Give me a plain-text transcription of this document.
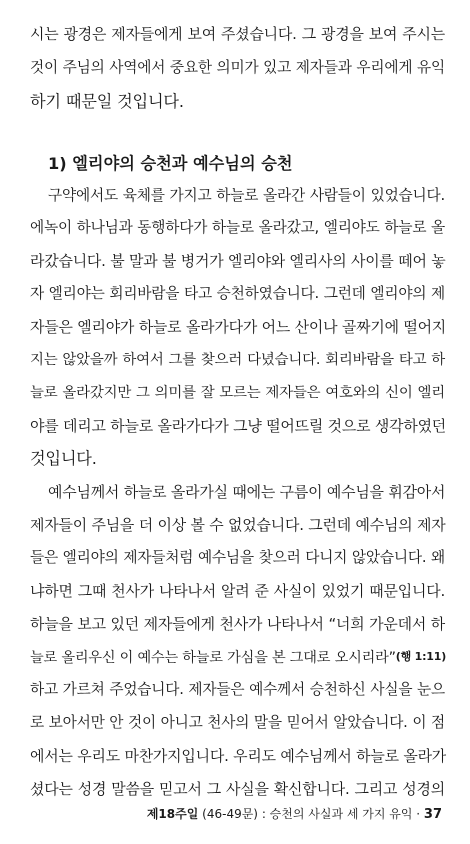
시는 광경은 제자들에게 보여 주셨습니다. 그 광경을 보여 주시는
것이 주님의 사역에서 중요한 의미가 있고 제자들과 우리에게 유익
하기 때문일 것입니다.
1) 엘리야의 승천과 예수님의 승천
구약에서도 육체를 가지고 하늘로 올라간 사람들이 있었습니다.
에녹이 하나님과 동행하다가 하늘로 올라갔고, 엘리야도 하늘로 올
라갔습니다. 불 말과 불 병거가 엘리야와 엘리사의 사이를 떼어 놓
자 엘리야는 회리바람을 타고 승천하였습니다. 그런데 엘리야의 제
자들은 엘리야가 하늘로 올라가다가 어느 산이나 골짜기에 떨어지
지는 않았을까 하여서 그를 찾으러 다녔습니다. 회리바람을 타고 하
늘로 올라갔지만 그 의미를 잘 모르는 제자들은 여호와의 신이 엘리
야를 데리고 하늘로 올라가다가 그냥 떨어뜨릴 것으로 생각하였던
것입니다.
예수님께서 하늘로 올라가실 때에는 구름이 예수님을 휘감아서
제자들이 주님을 더 이상 볼 수 없었습니다. 그런데 예수님의 제자
들은 엘리야의 제자들처럼 예수님을 찾으러 다니지 않았습니다. 왜
냐하면 그때 천사가 나타나서 알려 준 사실이 있었기 때문입니다.
하늘을 보고 있던 제자들에게 천사가 나타나서 “너희 가운데서 하
늘로 올리우신 이 예수는 하늘로 가심을 본 그대로 오시리라”(행 1:11)
하고 가르쳐 주었습니다. 제자들은 예수께서 승천하신 사실을 눈으
로 보아서만 안 것이 아니고 천사의 말을 믿어서 알았습니다. 이 점
에서는 우리도 마찬가지입니다. 우리도 예수님께서 하늘로 올라가
셨다는 성경 말씀을 믿고서 그 사실을 확신합니다. 그리고 성경의
제18주일 (46-49문) : 승천의 사실과 세 가지 유익 · 37
